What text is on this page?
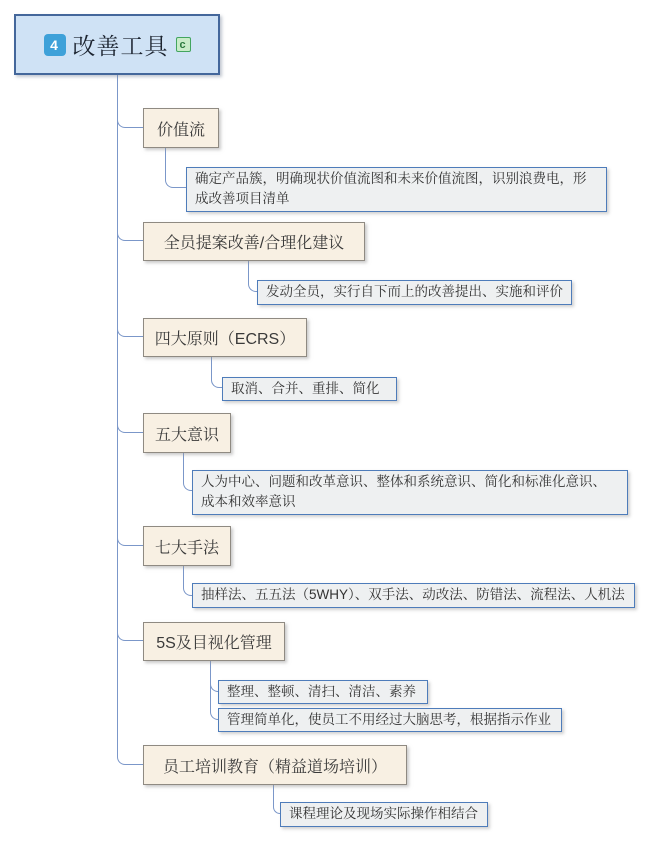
4 改善工具 c
价值流
确定产品簇，明确现状价值流图和未来价值流图，识别浪费电，形成改善项目清单
全员提案改善/合理化建议
发动全员，实行自下而上的改善提出、实施和评价
四大原则（ECRS）
取消、合并、重排、简化
五大意识
人为中心、问题和改革意识、整体和系统意识、简化和标准化意识、成本和效率意识
七大手法
抽样法、五五法（5WHY）、双手法、动改法、防错法、流程法、人机法
5S及目视化管理
整理、整顿、清扫、清洁、素养
管理简单化，使员工不用经过大脑思考，根据指示作业
员工培训教育（精益道场培训）
课程理论及现场实际操作相结合
